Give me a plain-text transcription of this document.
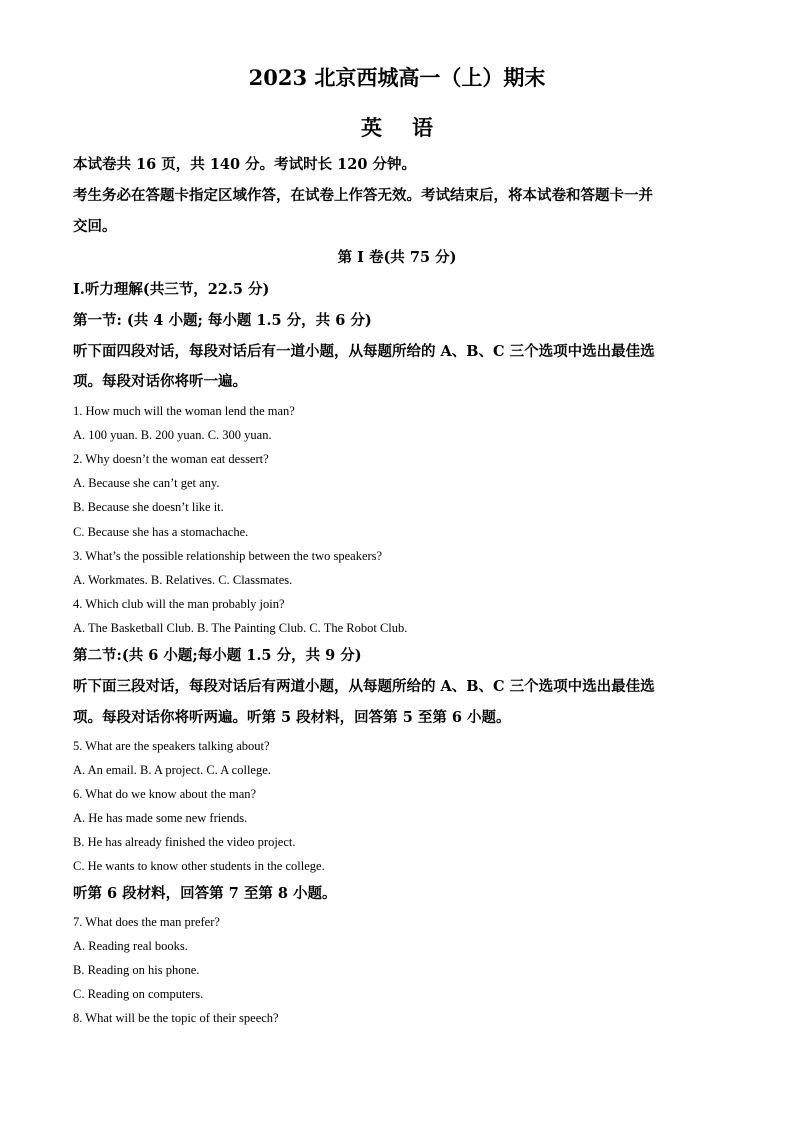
2023 北京西城高一（上）期末
英语
本试卷共 16 页，共 140 分。考试时长 120 分钟。
考生务必在答题卡指定区域作答，在试卷上作答无效。考试结束后，将本试卷和答题卡一并
交回。
第 I 卷(共 75 分)
Ⅰ.听力理解(共三节，22.5 分)
第一节: (共 4 小题; 每小题 1.5 分，共 6 分)
听下面四段对话，每段对话后有一道小题，从每题所给的 A、B、C 三个选项中选出最佳选
项。每段对话你将听一遍。
1. How much will the woman lend the man?
A. 100 yuan. B. 200 yuan. C. 300 yuan.
2. Why doesn’t the woman eat dessert?
A. Because she can’t get any.
B. Because she doesn’t like it.
C. Because she has a stomachache.
3. What’s the possible relationship between the two speakers?
A. Workmates. B. Relatives. C. Classmates.
4. Which club will the man probably join?
A. The Basketball Club. B. The Painting Club. C. The Robot Club.
第二节:(共 6 小题;每小题 1.5 分，共 9 分)
听下面三段对话，每段对话后有两道小题，从每题所给的 A、B、C 三个选项中选出最佳选
项。每段对话你将听两遍。听第 5 段材料，回答第 5 至第 6 小题。
5. What are the speakers talking about?
A. An email. B. A project. C. A college.
6. What do we know about the man?
A. He has made some new friends.
B. He has already finished the video project.
C. He wants to know other students in the college.
听第 6 段材料，回答第 7 至第 8 小题。
7. What does the man prefer?
A. Reading real books.
B. Reading on his phone.
C. Reading on computers.
8. What will be the topic of their speech?
